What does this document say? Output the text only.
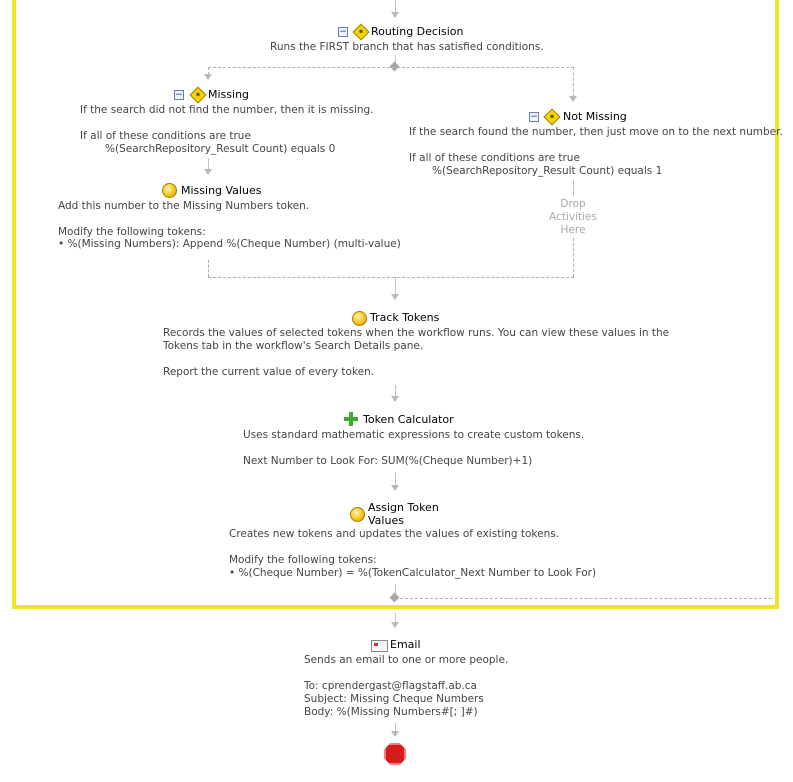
− Routing Decision
Runs the FIRST branch that has satisfied conditions.
− Missing
If the search did not find the number, then it is missing.
If all of these conditions are true
%(SearchRepository_Result Count) equals 0
Missing Values
Add this number to the Missing Numbers token.
Modify the following tokens:
• %(Missing Numbers): Append %(Cheque Number) (multi-value)
− Not Missing
If the search found the number, then just move on to the next number.
If all of these conditions are true
%(SearchRepository_Result Count) equals 1
Drop
Activities
Here
Track Tokens
Records the values of selected tokens when the workflow runs. You can view these values in the
Tokens tab in the workflow's Search Details pane.
Report the current value of every token.
Token Calculator
Uses standard mathematic expressions to create custom tokens.
Next Number to Look For: SUM(%(Cheque Number)+1)
Assign Token
Values
Creates new tokens and updates the values of existing tokens.
Modify the following tokens:
• %(Cheque Number) = %(TokenCalculator_Next Number to Look For)
Email
Sends an email to one or more people.
To: cprendergast@flagstaff.ab.ca
Subject: Missing Cheque Numbers
Body: %(Missing Numbers#[; ]#)
